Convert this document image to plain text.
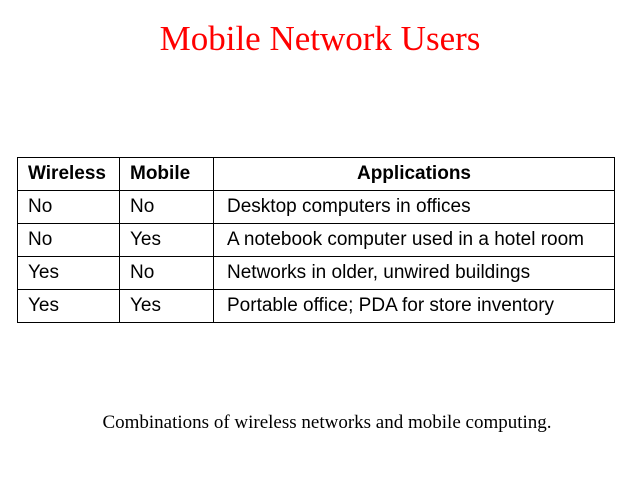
Mobile Network Users
Wireless	Mobile	Applications
No	No	Desktop computers in offices
No	Yes	A notebook computer used in a hotel room
Yes	No	Networks in older, unwired buildings
Yes	Yes	Portable office; PDA for store inventory

Combinations of wireless networks and mobile computing.
